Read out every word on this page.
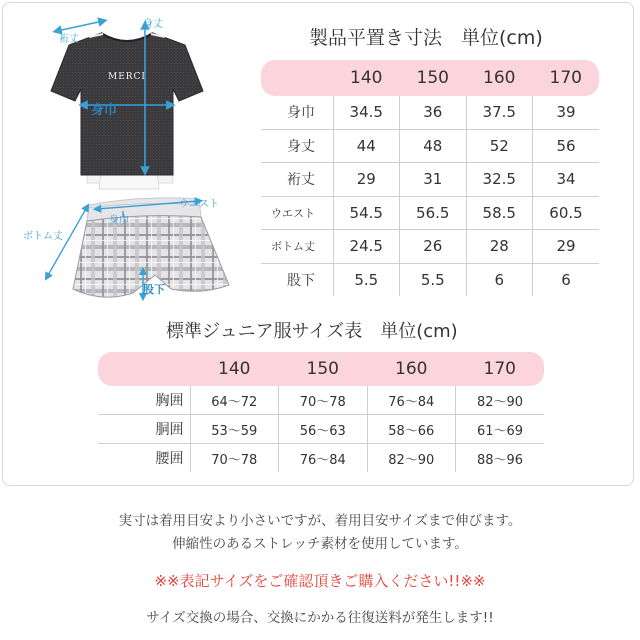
MERCI
裄丈
身丈
身巾
ウエスト
ボトム丈
身巾
股下
製品平置き寸法　単位(cm)
	140	150	160	170
身巾	34.5	36	37.5	39
身丈	44	48	52	56
裄丈	29	31	32.5	34
ウエスト	54.5	56.5	58.5	60.5
ボトム丈	24.5	26	28	29
股下	5.5	5.5	6	6
標準ジュニア服サイズ表　単位(cm)
	140	150	160	170
胸囲	64〜72	70〜78	76〜84	82〜90
胴囲	53〜59	56〜63	58〜66	61〜69
腰囲	70〜78	76〜84	82〜90	88〜96
実寸は着用目安より小さいですが、着用目安サイズまで伸びます。
伸縮性のあるストレッチ素材を使用しています。
※※表記サイズをご確認頂きご購入ください!!※※
サイズ交換の場合、交換にかかる往復送料が発生します!!
